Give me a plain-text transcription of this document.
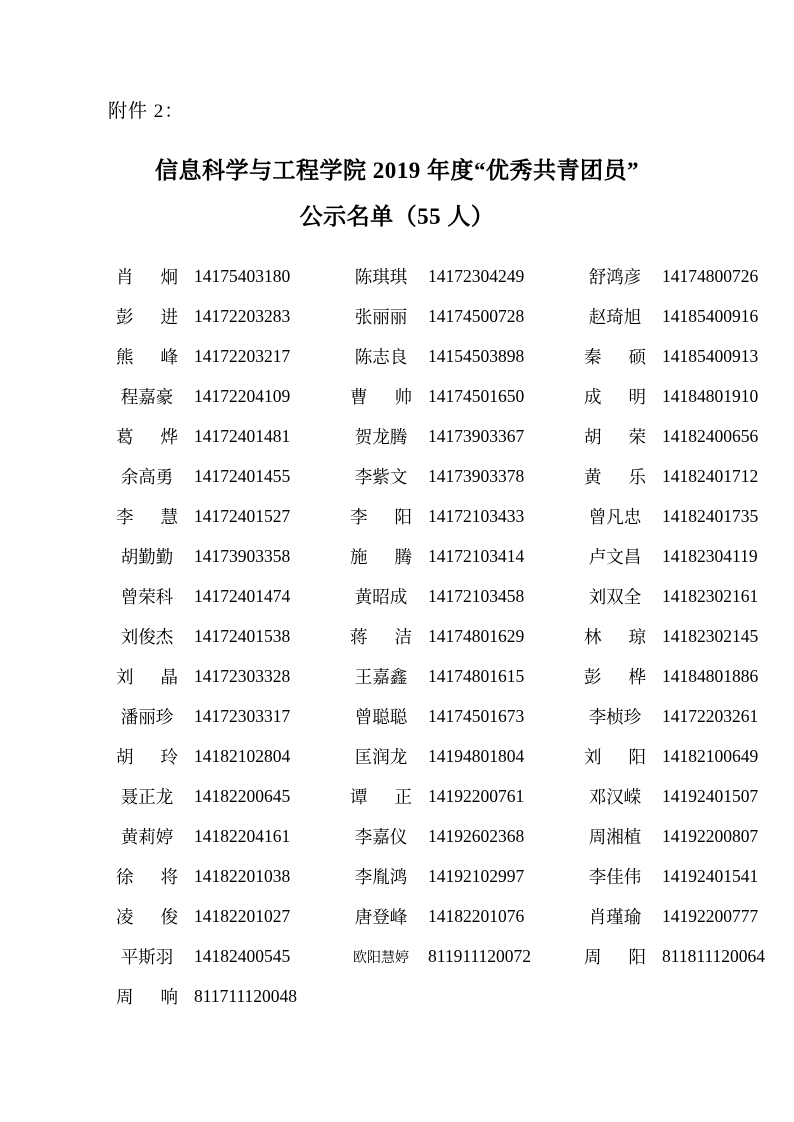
附件 2：
信息科学与工程学院 2019 年度“优秀共青团员”
公示名单（55 人）
肖炯	14175403180		陈琪琪	14172304249		舒鸿彦	14174800726
彭进	14172203283		张丽丽	14174500728		赵琦旭	14185400916
熊峰	14172203217		陈志良	14154503898		秦硕	14185400913
程嘉豪	14172204109		曹帅	14174501650		成明	14184801910
葛烨	14172401481		贺龙腾	14173903367		胡荣	14182400656
余高勇	14172401455		李紫文	14173903378		黄乐	14182401712
李慧	14172401527		李阳	14172103433		曾凡忠	14182401735
胡勤勤	14173903358		施腾	14172103414		卢文昌	14182304119
曾荣科	14172401474		黄昭成	14172103458		刘双全	14182302161
刘俊杰	14172401538		蒋洁	14174801629		林琼	14182302145
刘晶	14172303328		王嘉鑫	14174801615		彭桦	14184801886
潘丽珍	14172303317		曾聪聪	14174501673		李桢珍	14172203261
胡玲	14182102804		匡润龙	14194801804		刘阳	14182100649
聂正龙	14182200645		谭正	14192200761		邓汉嵘	14192401507
黄莉婷	14182204161		李嘉仪	14192602368		周湘植	14192200807
徐将	14182201038		李胤鸿	14192102997		李佳伟	14192401541
凌俊	14182201027		唐登峰	14182201076		肖瑾瑜	14192200777
平斯羽	14182400545		欧阳慧婷	811911120072		周阳	811811120064
周响	811711120048						
